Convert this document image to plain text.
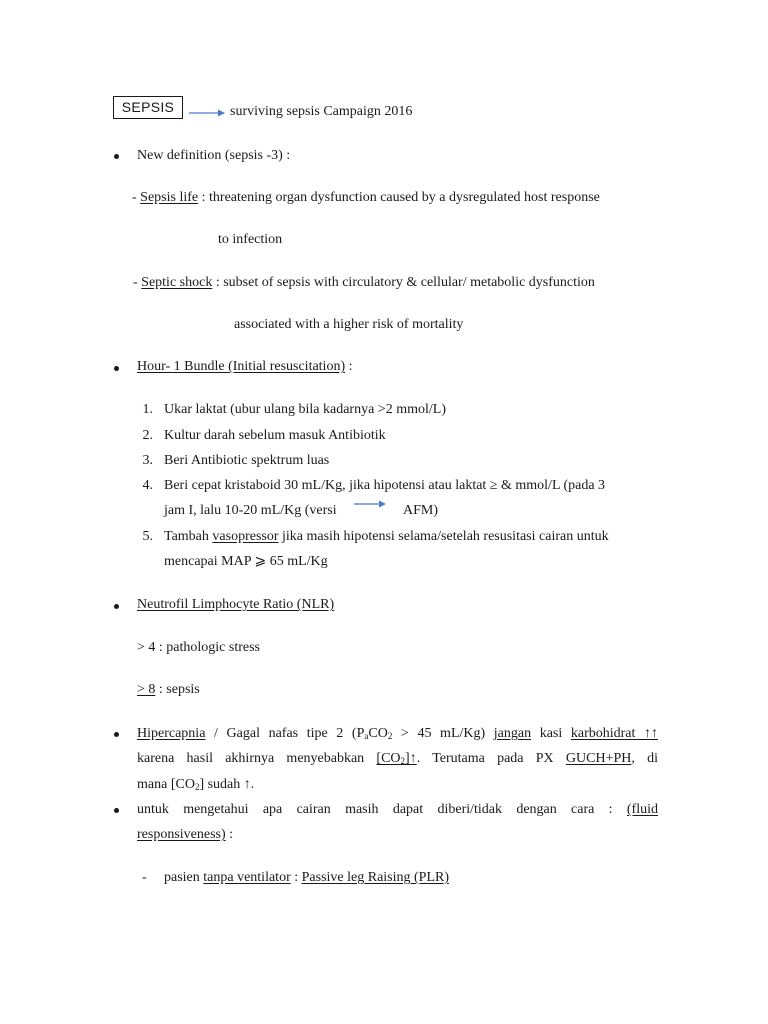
SEPSIS	surviving sepsis Campaign 2016
New definition (sepsis -3) :
- Sepsis life : threatening organ dysfunction caused by a dysregulated host response
to infection
- Septic shock : subset of sepsis with circulatory & cellular/ metabolic dysfunction
associated with a higher risk of mortality
Hour- 1 Bundle (Initial resuscitation) :
1. Ukar laktat (ubur ulang bila kadarnya >2 mmol/L)
2. Kultur darah sebelum masuk Antibiotik
3. Beri Antibiotic spektrum luas
4. Beri cepat kristaboid 30 mL/Kg, jika hipotensi atau laktat ≥ & mmol/L (pada 3
jam I, lalu 10-20 mL/Kg (versi	AFM)
5. Tambah vasopressor jika masih hipotensi selama/setelah resusitasi cairan untuk
mencapai MAP ⩾ 65 mL/Kg
Neutrofil Limphocyte Ratio (NLR)
> 4 : pathologic stress
> 8 : sepsis
Hipercapnia / Gagal nafas tipe 2 ($P_aCO_2 > 45$ mL/Kg) jangan kasi karbohidrat ↑↑
karena hasil akhirnya menyebabkan $[CO_2]↑$. Terutama pada PX GUCH+PH, di
mana $[CO_2]$ sudah ↑.
untuk mengetahui apa cairan masih dapat diberi/tidak dengan cara : (fluid
responsiveness) :
- pasien tanpa ventilator : Passive leg Raising (PLR)
